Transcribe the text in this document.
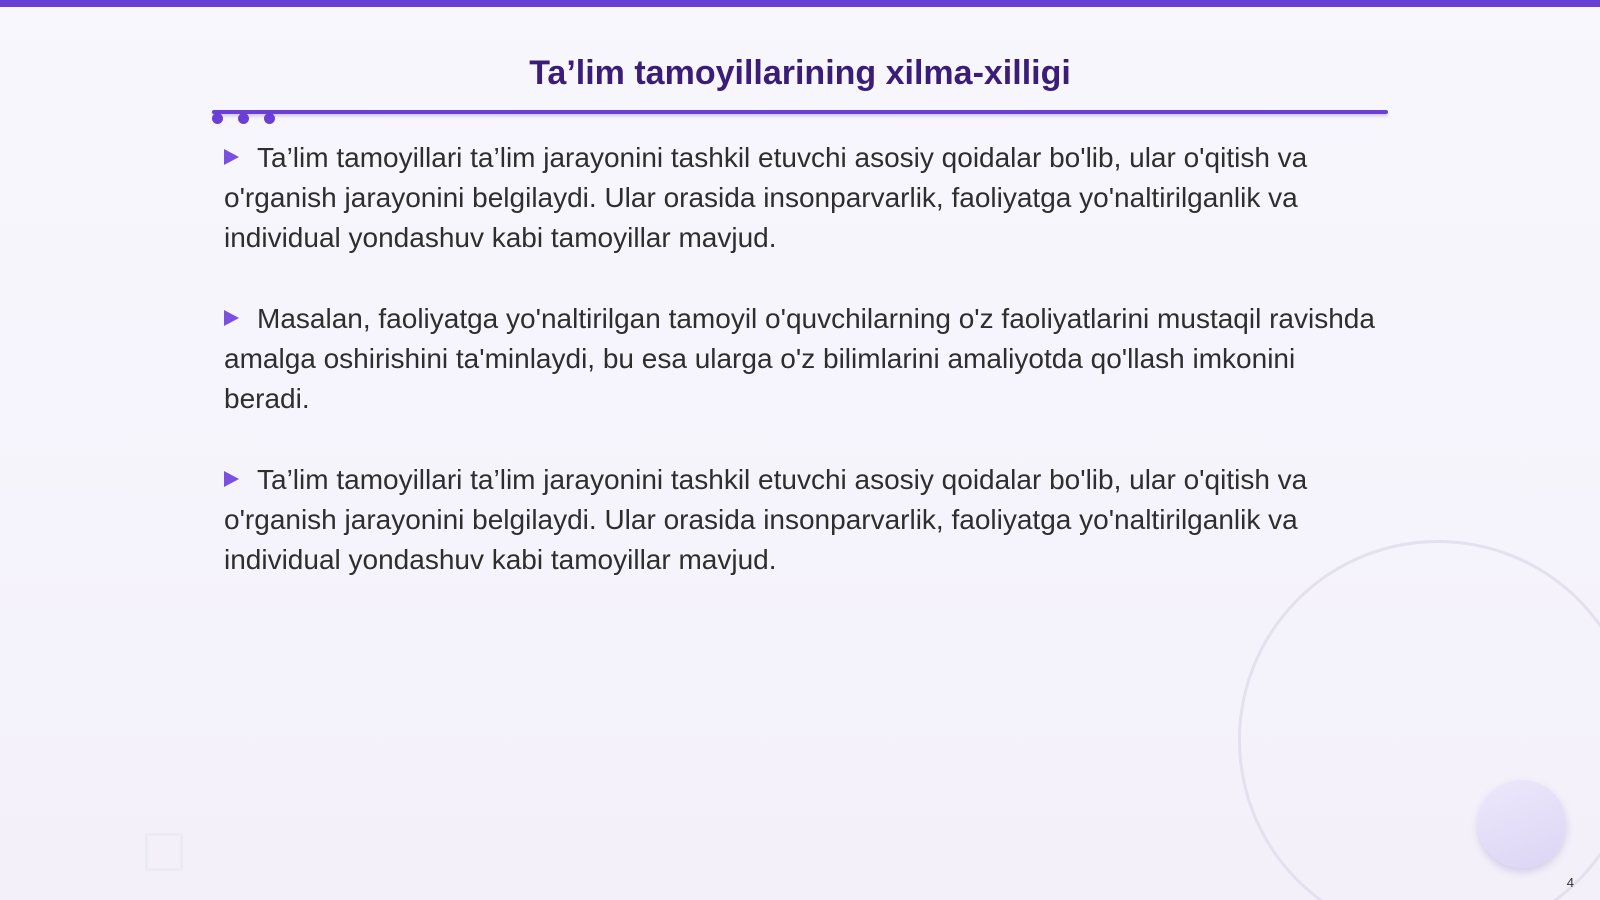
Ta’lim tamoyillarining xilma-xilligi

Ta’lim tamoyillari ta’lim jarayonini tashkil etuvchi asosiy qoidalar bo'lib, ular o'qitish va o'rganish jarayonini belgilaydi. Ular orasida insonparvarlik, faoliyatga yo'naltirilganlik va individual yondashuv kabi tamoyillar mavjud.

Masalan, faoliyatga yo'naltirilgan tamoyil o'quvchilarning o'z faoliyatlarini mustaqil ravishda amalga oshirishini ta'minlaydi, bu esa ularga o'z bilimlarini amaliyotda qo'llash imkonini beradi.

Ta’lim tamoyillari ta’lim jarayonini tashkil etuvchi asosiy qoidalar bo'lib, ular o'qitish va o'rganish jarayonini belgilaydi. Ular orasida insonparvarlik, faoliyatga yo'naltirilganlik va individual yondashuv kabi tamoyillar mavjud.

4
